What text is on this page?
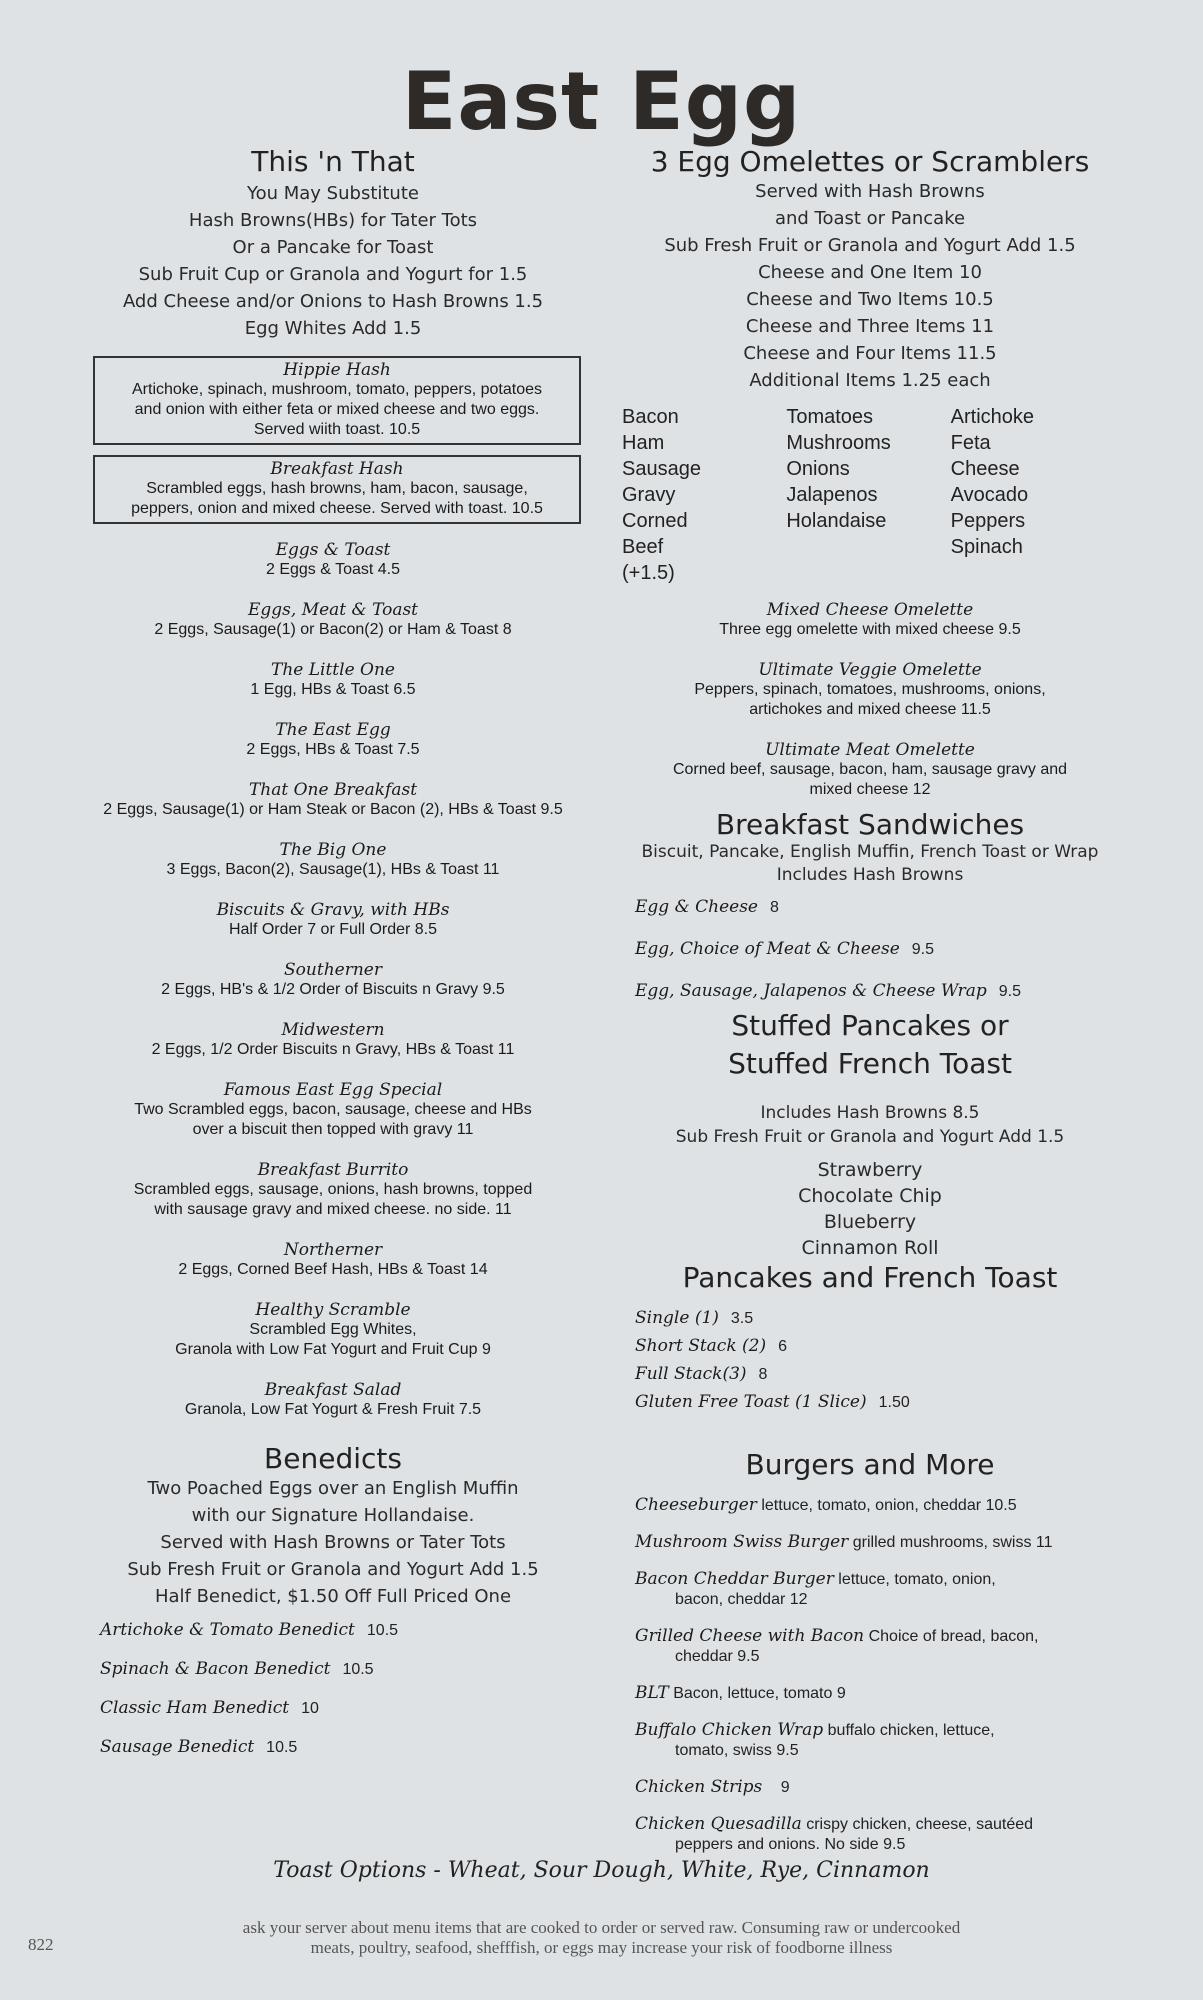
East Egg
This 'n That
You May Substitute
Hash Browns(HBs) for Tater Tots
Or a Pancake for Toast
Sub Fruit Cup or Granola and Yogurt for 1.5
Add Cheese and/or Onions to Hash Browns 1.5
Egg Whites Add 1.5
Hippie Hash
Artichoke, spinach, mushroom, tomato, peppers, potatoes
and onion with either feta or mixed cheese and two eggs.
Served wiith toast. 10.5
Breakfast Hash
Scrambled eggs, hash browns, ham, bacon, sausage,
peppers, onion and mixed cheese. Served with toast. 10.5
Eggs & Toast
2 Eggs & Toast 4.5
Eggs, Meat & Toast
2 Eggs, Sausage(1) or Bacon(2) or Ham & Toast 8
The Little One
1 Egg, HBs & Toast 6.5
The East Egg
2 Eggs, HBs & Toast 7.5
That One Breakfast
2 Eggs, Sausage(1) or Ham Steak or Bacon (2), HBs & Toast 9.5
The Big One
3 Eggs, Bacon(2), Sausage(1), HBs & Toast 11
Biscuits & Gravy, with HBs
Half Order 7 or Full Order 8.5
Southerner
2 Eggs, HB's & 1/2 Order of Biscuits n Gravy 9.5
Midwestern
2 Eggs, 1/2 Order Biscuits n Gravy, HBs & Toast 11
Famous East Egg Special
Two Scrambled eggs, bacon, sausage, cheese and HBs
over a biscuit then topped with gravy 11
Breakfast Burrito
Scrambled eggs, sausage, onions, hash browns, topped
with sausage gravy and mixed cheese. no side. 11
Northerner
2 Eggs, Corned Beef Hash, HBs & Toast 14
Healthy Scramble
Scrambled Egg Whites,
Granola with Low Fat Yogurt and Fruit Cup 9
Breakfast Salad
Granola, Low Fat Yogurt & Fresh Fruit 7.5
Benedicts
Two Poached Eggs over an English Muffin
with our Signature Hollandaise.
Served with Hash Browns or Tater Tots
Sub Fresh Fruit or Granola and Yogurt Add 1.5
Half Benedict, $1.50 Off Full Priced One
Artichoke & Tomato Benedict 10.5
Spinach & Bacon Benedict 10.5
Classic Ham Benedict 10
Sausage Benedict 10.5
3 Egg Omelettes or Scramblers
Served with Hash Browns
and Toast or Pancake
Sub Fresh Fruit or Granola and Yogurt Add 1.5
Cheese and One Item 10
Cheese and Two Items 10.5
Cheese and Three Items 11
Cheese and Four Items 11.5
Additional Items 1.25 each
Bacon
Ham
Sausage
Gravy
Corned Beef (+1.5)
Tomatoes
Mushrooms
Onions
Jalapenos
Holandaise
Artichoke
Feta Cheese
Avocado
Peppers
Spinach
Mixed Cheese Omelette
Three egg omelette with mixed cheese 9.5
Ultimate Veggie Omelette
Peppers, spinach, tomatoes, mushrooms, onions,
artichokes and mixed cheese 11.5
Ultimate Meat Omelette
Corned beef, sausage, bacon, ham, sausage gravy and
mixed cheese 12
Breakfast Sandwiches
Biscuit, Pancake, English Muffin, French Toast or Wrap
Includes Hash Browns
Egg & Cheese 8
Egg, Choice of Meat & Cheese 9.5
Egg, Sausage, Jalapenos & Cheese Wrap 9.5
Stuffed Pancakes or
Stuffed French Toast
Includes Hash Browns 8.5
Sub Fresh Fruit or Granola and Yogurt Add 1.5
Strawberry
Chocolate Chip
Blueberry
Cinnamon Roll
Pancakes and French Toast
Single (1) 3.5
Short Stack (2) 6
Full Stack(3) 8
Gluten Free Toast (1 Slice) 1.50
Burgers and More
Cheeseburger lettuce, tomato, onion, cheddar 10.5
Mushroom Swiss Burger grilled mushrooms, swiss 11
Bacon Cheddar Burger lettuce, tomato, onion,
bacon, cheddar 12
Grilled Cheese with Bacon Choice of bread, bacon,
cheddar 9.5
BLT Bacon, lettuce, tomato 9
Buffalo Chicken Wrap buffalo chicken, lettuce,
tomato, swiss 9.5
Chicken Strips 9
Chicken Quesadilla crispy chicken, cheese, sautéed
peppers and onions. No side 9.5
Toast Options - Wheat, Sour Dough, White, Rye, Cinnamon
ask your server about menu items that are cooked to order or served raw. Consuming raw or undercooked
meats, poultry, seafood, shefffish, or eggs may increase your risk of foodborne illness
822
